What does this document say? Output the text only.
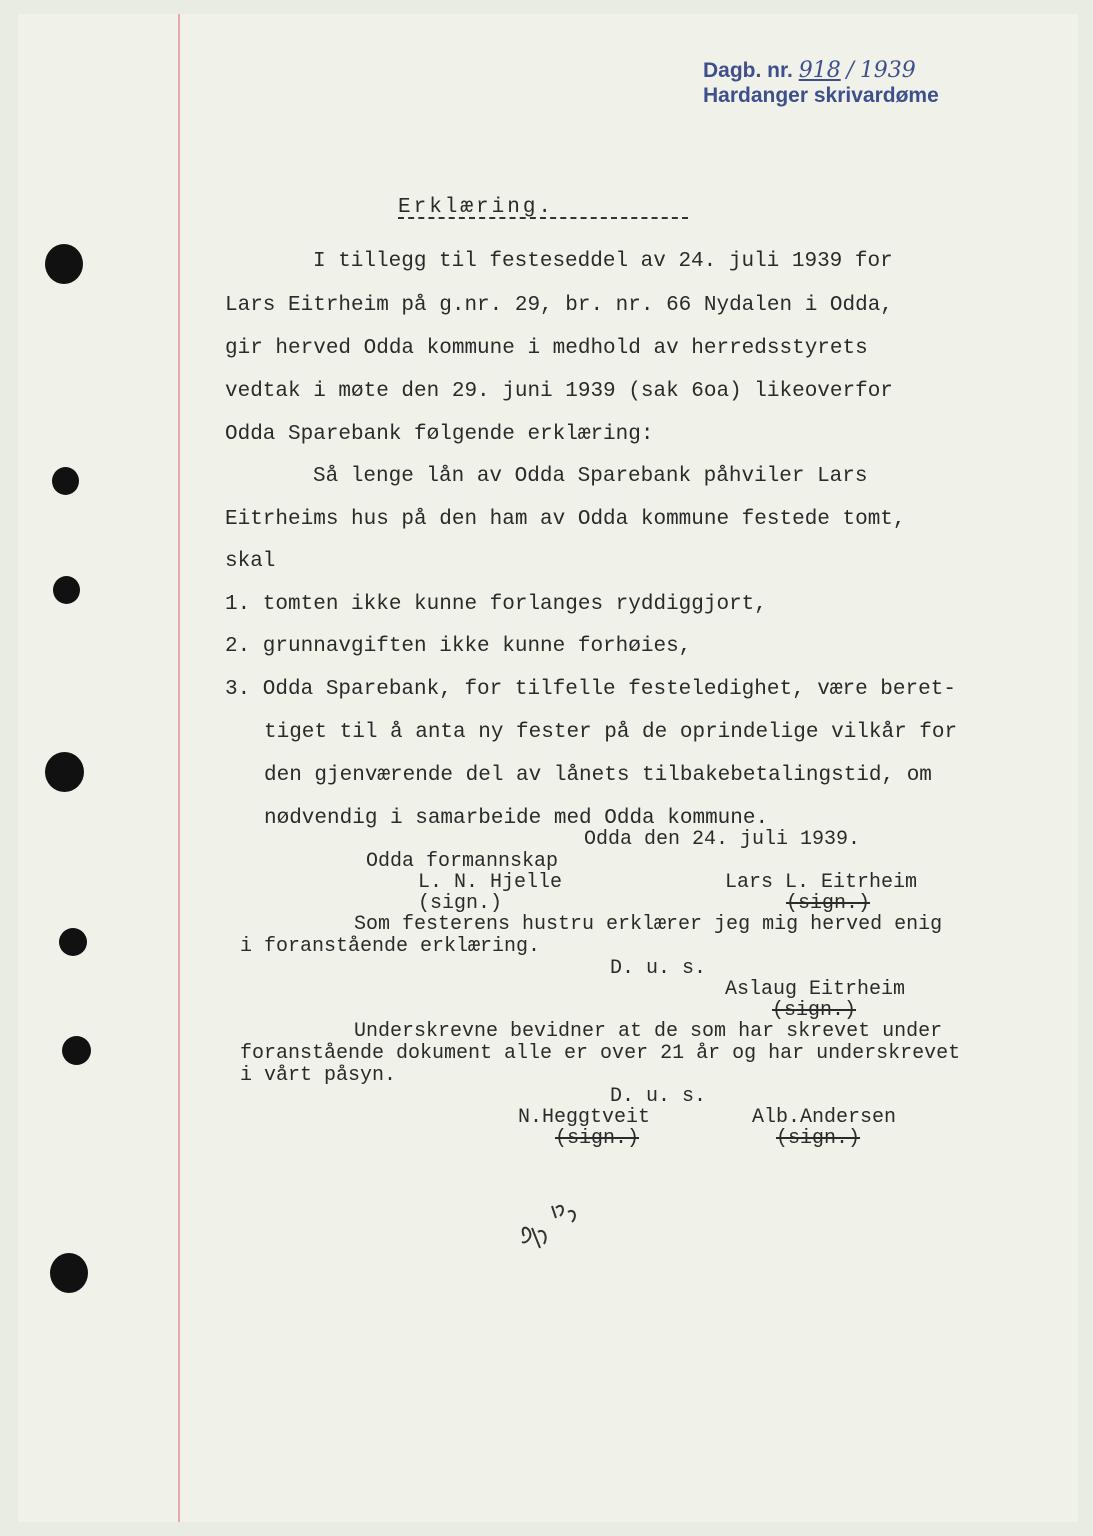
Dagb. nr. 918 / 1939
Hardanger skrivardøme
Erklæring.
I tillegg til festeseddel av 24. juli 1939 for
Lars Eitrheim på g.nr. 29, br. nr. 66 Nydalen i Odda,
gir herved Odda kommune i medhold av herredsstyrets
vedtak i møte den 29. juni 1939 (sak 6oa) likeoverfor
Odda Sparebank følgende erklæring:
Så lenge lån av Odda Sparebank påhviler Lars
Eitrheims hus på den ham av Odda kommune festede tomt,
skal
1. tomten ikke kunne forlanges ryddiggjort,
2. grunnavgiften ikke kunne forhøies,
3. Odda Sparebank, for tilfelle festeledighet, være beret-
tiget til å anta ny fester på de oprindelige vilkår for
den gjenværende del av lånets tilbakebetalingstid, om
nødvendig i samarbeide med Odda kommune.
Odda den 24. juli 1939.
Odda formannskap
L. N. Hjelle	Lars L. Eitrheim
(sign.)	(sign.)
Som festerens hustru erklærer jeg mig herved enig
i foranstående erklæring.
D. u. s.
Aslaug Eitrheim
(sign.)
Underskrevne bevidner at de som har skrevet under
foranstående dokument alle er over 21 år og har underskrevet
i vårt påsyn.
D. u. s.
N.Heggtveit	Alb.Andersen
(sign.)	(sign.)
